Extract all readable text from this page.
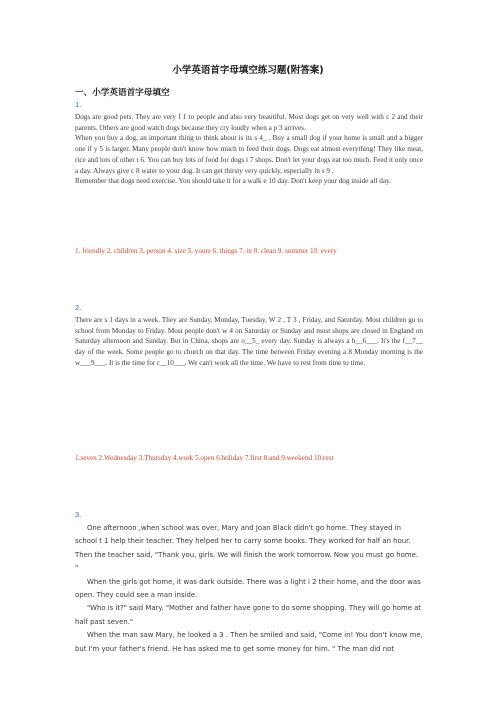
小学英语首字母填空练习题(附答案)
一、小学英语首字母填空
1.

Dogs are good pets. They are very f 1 to people and also very beautiful. Most dogs get on very well with c 2 and their parents. Others are good watch dogs because they cry loudly when a p 3 arrives.

When you buy a dog, an important thing to think about is its s 4_ . Buy a small dog if your home is small and a bigger one if y 5 is larger. Many people don't know how much to feed their dogs. Dogs eat almost everything! They like meat, rice and lots of other t 6. You can buy lots of food for dogs i 7 shops. Don't let your dogs eat too much. Feed it only once a day. Always give c 8 water to your dog. It can get thirsty very quickly, especially in s 9 .

Remember that dogs need exercise. You should take it for a walk e 10 day. Don't keep your dog inside all day.

1. friendly 2. children 3. person 4. size 5. yours 6. things 7. in 8. clean 9. summer 10. every
2.

There are s 1 days in a week. They are Sunday, Monday, Tuesday, W 2 , T 3 , Friday, and Saturday. Most children go to school from Monday to Friday. Most people don't w 4 on Saturday or Sunday and most shops are closed in England on Saturday afternoon and Sunday. But in China, shops are o__5_ every day. Sunday is always a h__6___. It's the f__7__ day of the week. Some people go to church on that day. The time between Friday evening a 8 Monday morning is the w___9___. It is the time for r__10___. We can't work all the time. We have to rest from time to time.

1.seven 2.Wednesday 3.Thursday 4.work 5.open 6.holiday 7.first 8.and 9.weekend 10.rest
3.

One afternoon ,when school was over, Mary and Joan Black didn't go home. They stayed in school t 1 help their teacher. They helped her to carry some books. They worked for half an hour. Then the teacher said, "Thank you, girls. We will finish the work tomorrow. Now you must go home. "

When the girls got home, it was dark outside. There was a light i 2 their home, and the door was open. They could see a man inside.

"Who is it?" said Mary. "Mother and father have gone to do some shopping. They will go home at half past seven."

When the man saw Mary, he looked a 3 . Then he smiled and said, "Come in! You don't know me, but I'm your father's friend. He has asked me to get some money for him. " The man did not
